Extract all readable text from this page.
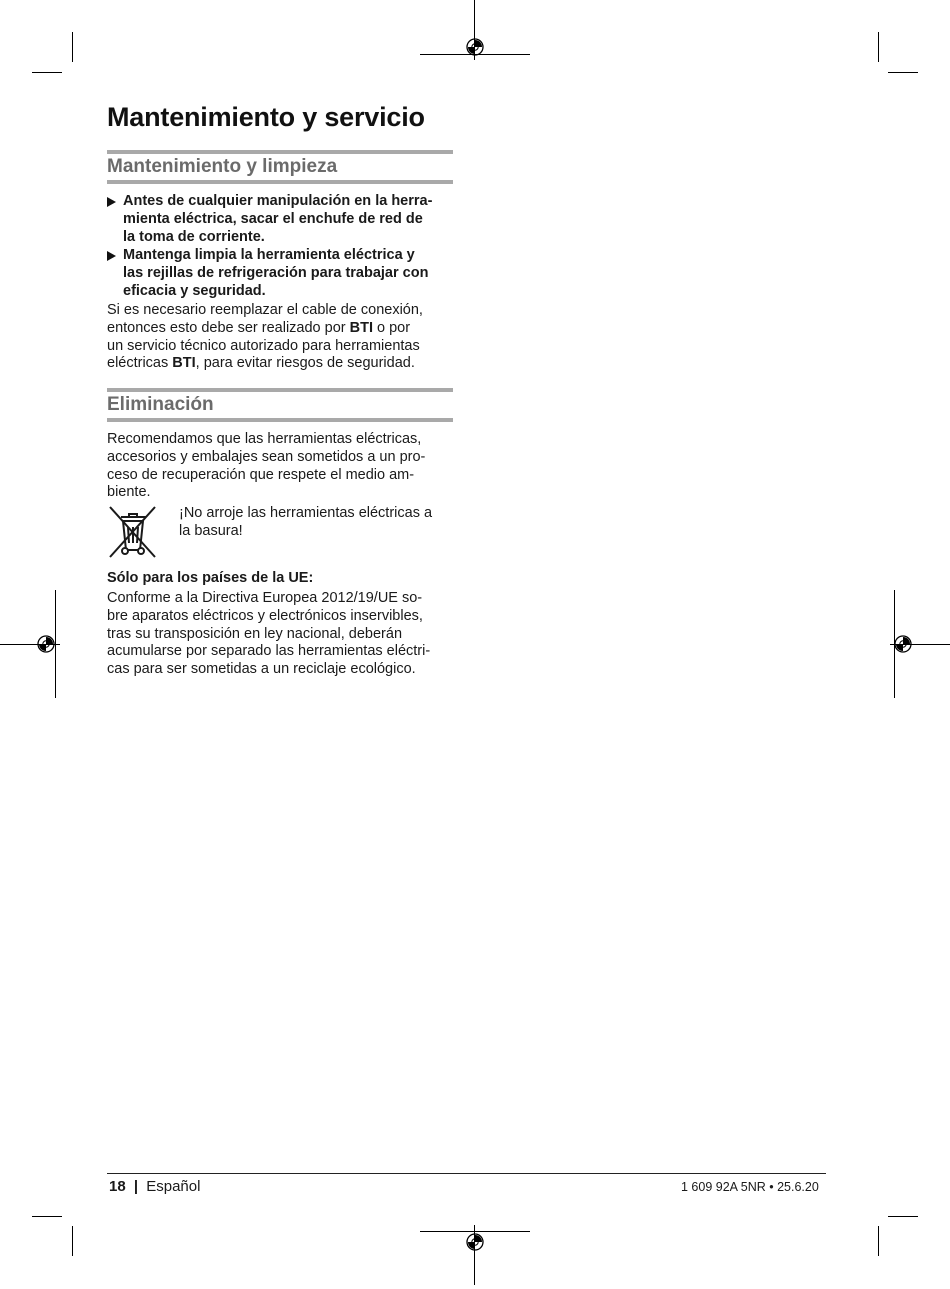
Mantenimiento y servicio
Mantenimiento y limpieza
Antes de cualquier manipulación en la herra-
mienta eléctrica, sacar el enchufe de red de
la toma de corriente.
Mantenga limpia la herramienta eléctrica y
las rejillas de refrigeración para trabajar con
eficacia y seguridad.
Si es necesario reemplazar el cable de conexión,
entonces esto debe ser realizado por BTI o por
un servicio técnico autorizado para herramientas
eléctricas BTI, para evitar riesgos de seguridad.
Eliminación
Recomendamos que las herramientas eléctricas,
accesorios y embalajes sean sometidos a un pro-
ceso de recuperación que respete el medio am-
biente.
¡No arroje las herramientas eléctricas a
la basura!
Sólo para los países de la UE:
Conforme a la Directiva Europea 2012/19/UE so-
bre aparatos eléctricos y electrónicos inservibles,
tras su transposición en ley nacional, deberán
acumularse por separado las herramientas eléctri-
cas para ser sometidas a un reciclaje ecológico.
18 | Español	1 609 92A 5NR • 25.6.20
